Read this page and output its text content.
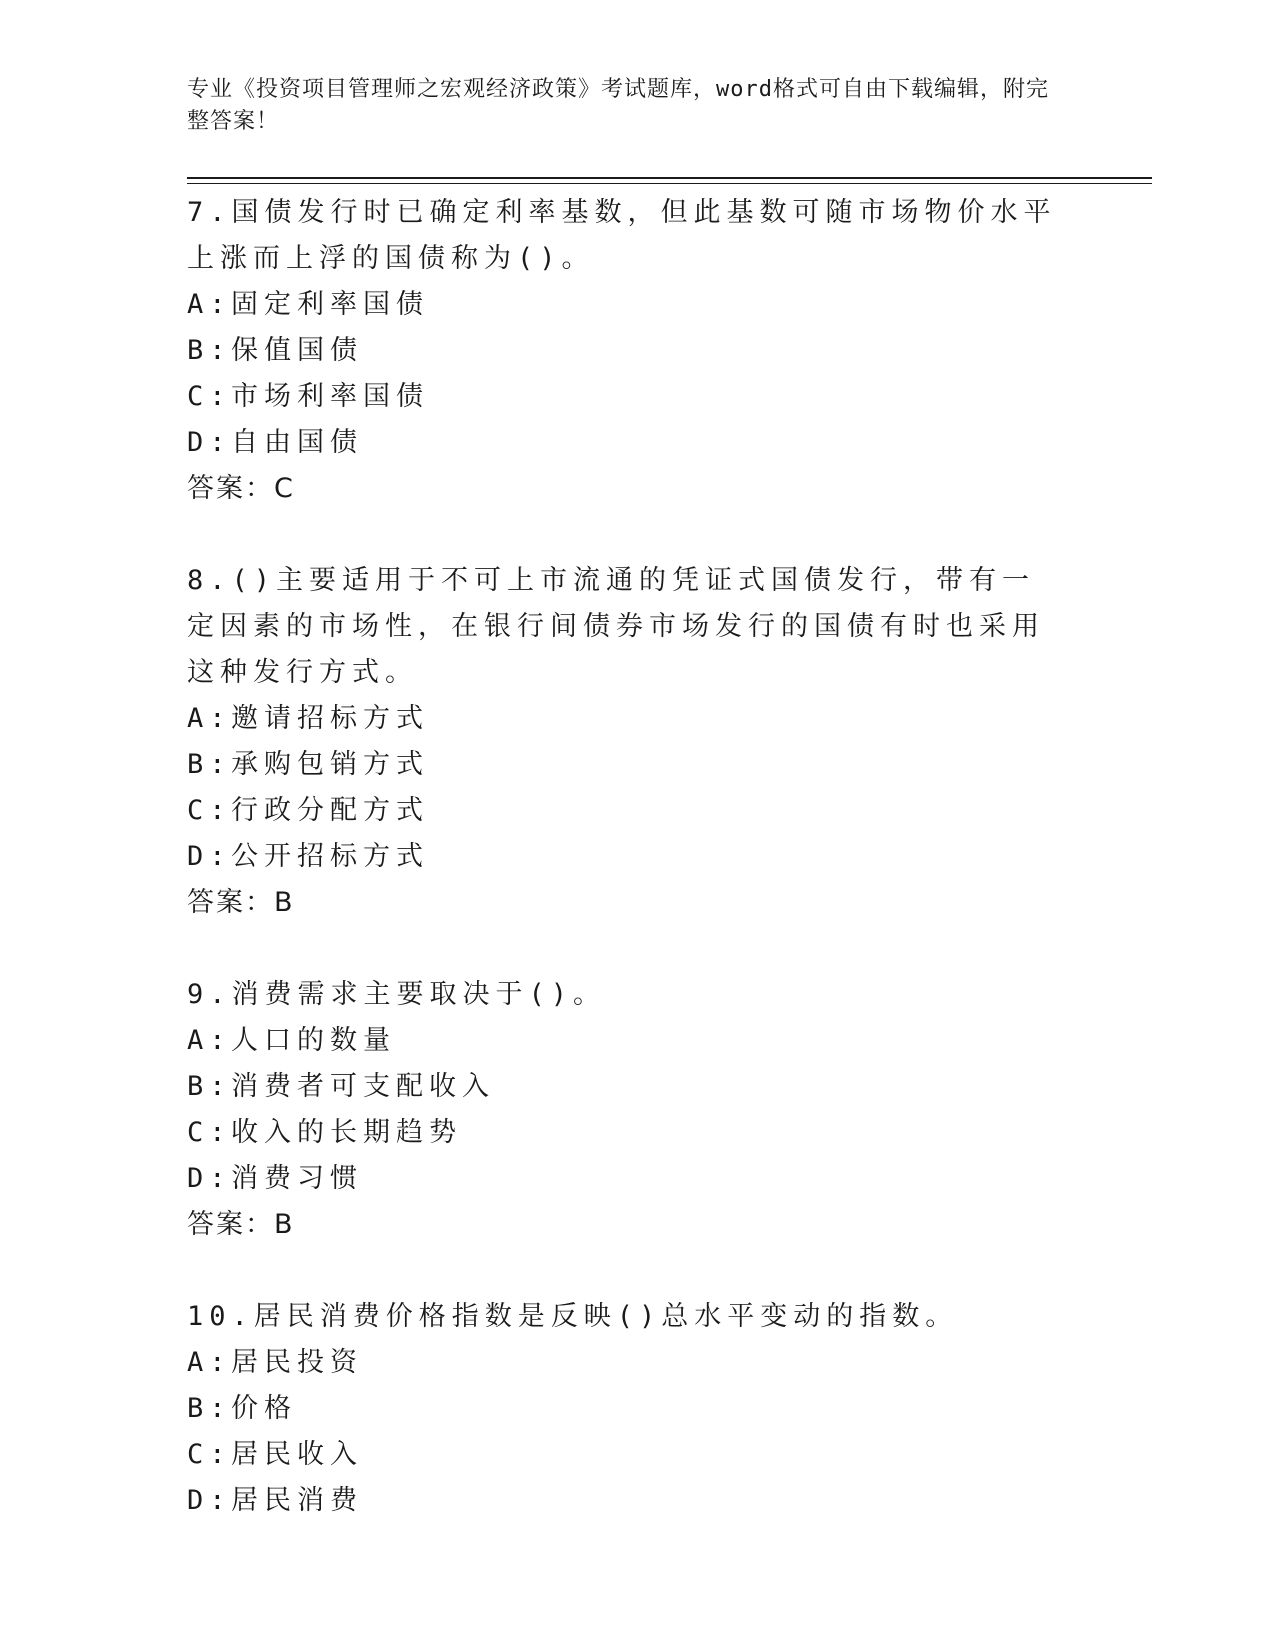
专业《投资项目管理师之宏观经济政策》考试题库，word格式可自由下载编辑，附完整答案！

7.国债发行时已确定利率基数，但此基数可随市场物价水平上涨而上浮的国债称为()。

A:固定利率国债

B:保值国债

C:市场利率国债

D:自由国债

答案：C

8.()主要适用于不可上市流通的凭证式国债发行，带有一定因素的市场性，在银行间债券市场发行的国债有时也采用这种发行方式。

A:邀请招标方式

B:承购包销方式

C:行政分配方式

D:公开招标方式

答案：B

9.消费需求主要取决于()。

A:人口的数量

B:消费者可支配收入

C:收入的长期趋势

D:消费习惯

答案：B

10.居民消费价格指数是反映()总水平变动的指数。

A:居民投资

B:价格

C:居民收入

D:居民消费
